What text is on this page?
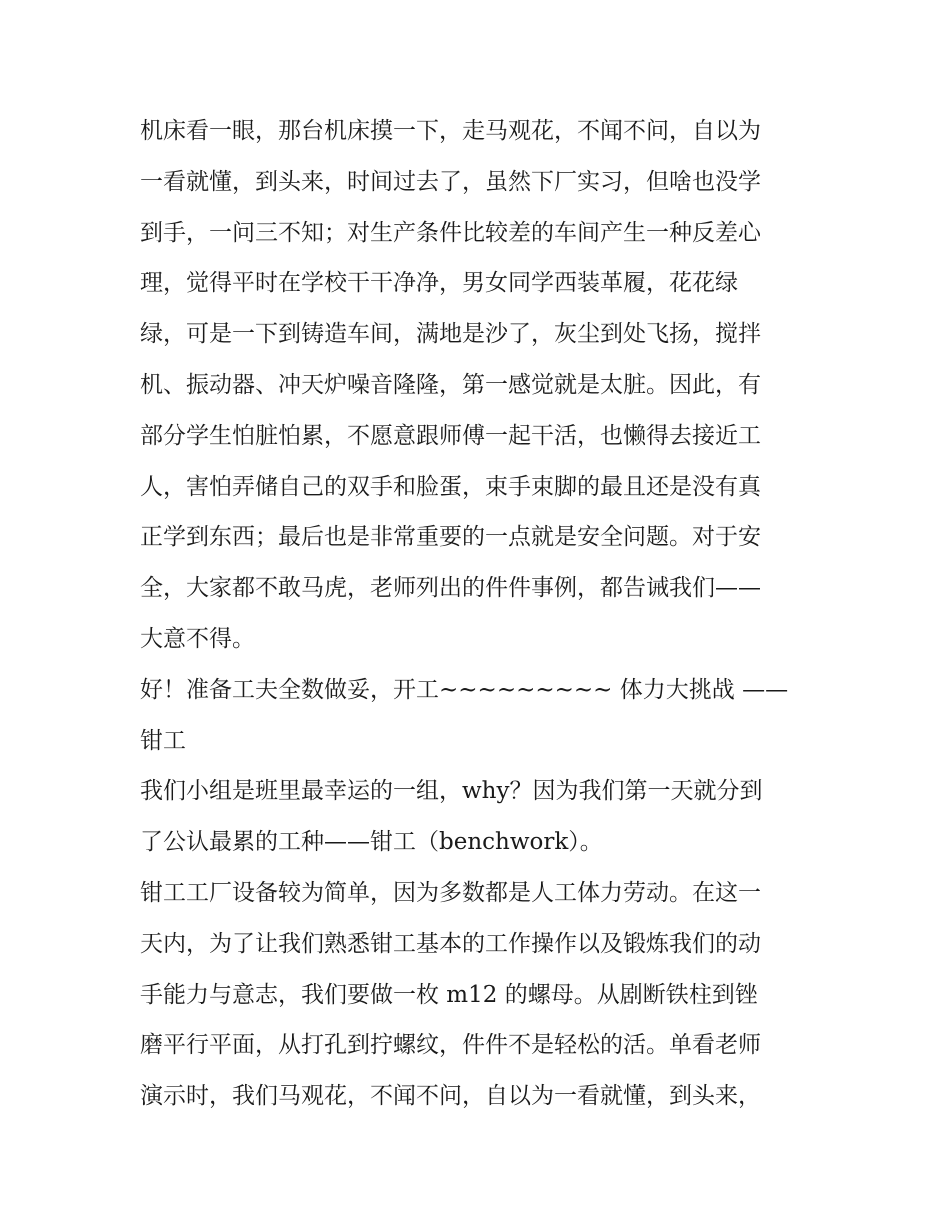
机床看一眼，那台机床摸一下，走马观花，不闻不问，自以为
一看就懂，到头来，时间过去了，虽然下厂实习，但啥也没学
到手，一问三不知；对生产条件比较差的车间产生一种反差心
理，觉得平时在学校干干净净，男女同学西装革履，花花绿
绿，可是一下到铸造车间，满地是沙了，灰尘到处飞扬，搅拌
机、振动器、冲天炉噪音隆隆，第一感觉就是太脏。因此，有
部分学生怕脏怕累，不愿意跟师傅一起干活，也懒得去接近工
人，害怕弄储自己的双手和脸蛋，束手束脚的最且还是没有真
正学到东西；最后也是非常重要的一点就是安全问题。对于安
全，大家都不敢马虎，老师列出的件件事例，都告诫我们——
大意不得。
好！准备工夫全数做妥，开工~~~~~~~~~ 体力大挑战 ——
钳工
我们小组是班里最幸运的一组，why？因为我们第一天就分到
了公认最累的工种——钳工（benchwork）。
钳工工厂设备较为简单，因为多数都是人工体力劳动。在这一
天内，为了让我们熟悉钳工基本的工作操作以及锻炼我们的动
手能力与意志，我们要做一枚 m12 的螺母。从剧断铁柱到锉
磨平行平面，从打孔到拧螺纹，件件不是轻松的活。单看老师
演示时，我们马观花，不闻不问，自以为一看就懂，到头来，
